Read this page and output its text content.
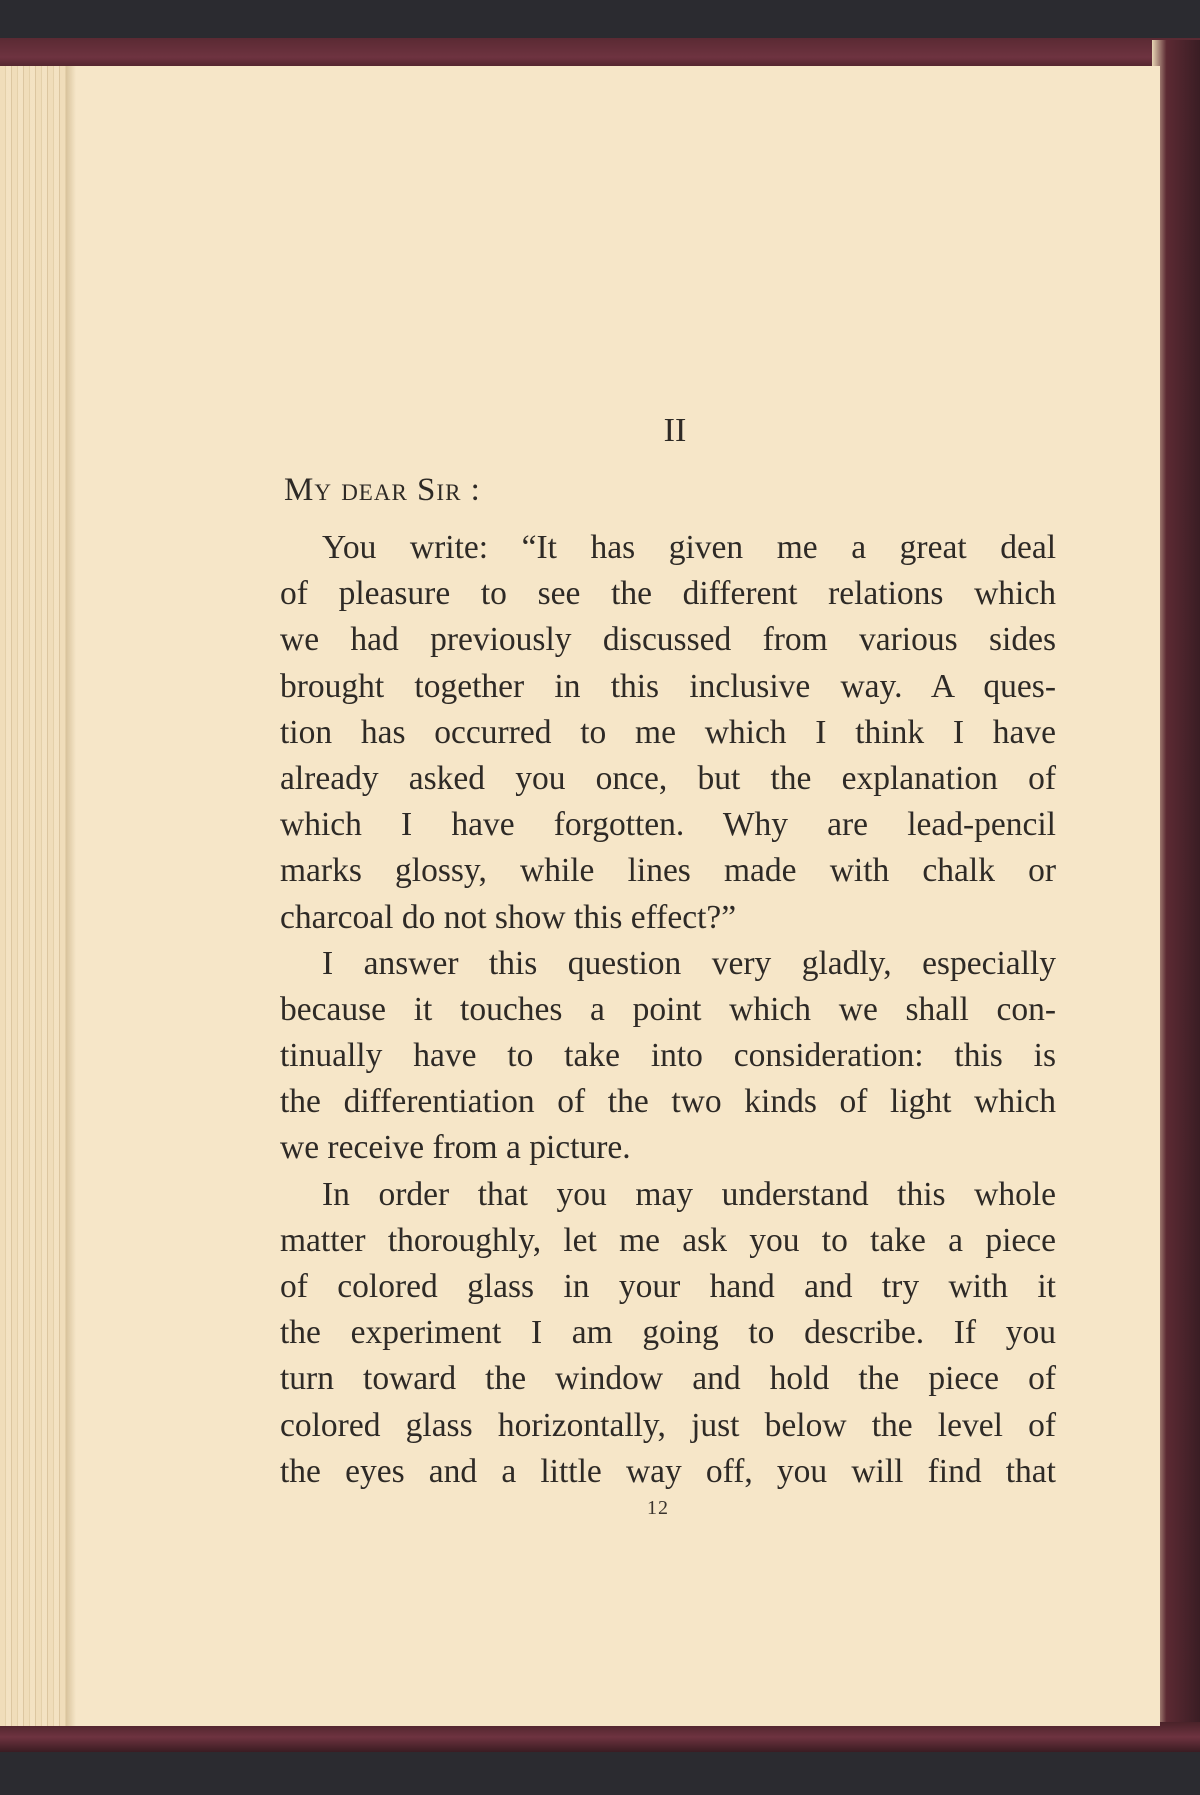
II
My dear Sir :
You write: “It has given me a great deal
of pleasure to see the different relations which
we had previously discussed from various sides
brought together in this inclusive way. A ques-
tion has occurred to me which I think I have
already asked you once, but the explanation of
which I have forgotten. Why are lead-pencil
marks glossy, while lines made with chalk or
charcoal do not show this effect?”
I answer this question very gladly, especially
because it touches a point which we shall con-
tinually have to take into consideration: this is
the differentiation of the two kinds of light which
we receive from a picture.
In order that you may understand this whole
matter thoroughly, let me ask you to take a piece
of colored glass in your hand and try with it
the experiment I am going to describe. If you
turn toward the window and hold the piece of
colored glass horizontally, just below the level of
the eyes and a little way off, you will find that
12
